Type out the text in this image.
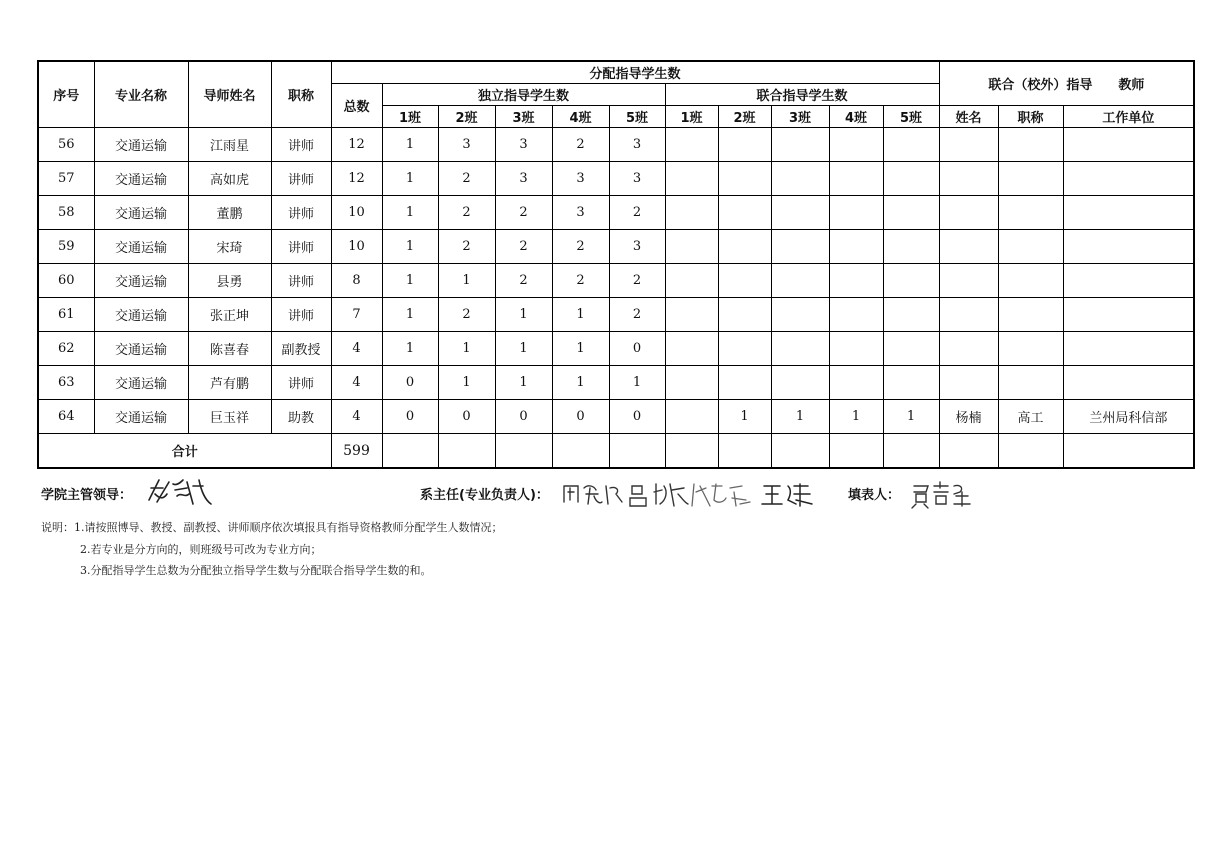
序号	专业名称	导师姓名	职称	分配指导学生数											联合（校外）指导　　教师		
				总数	独立指导学生数					联合指导学生数							
					1班	2班	3班	4班	5班	1班	2班	3班	4班	5班	姓名	职称	工作单位
56	交通运输	江雨星	讲师	12	1	3	3	2	3								
57	交通运输	高如虎	讲师	12	1	2	3	3	3								
58	交通运输	董鹏	讲师	10	1	2	2	3	2								
59	交通运输	宋琦	讲师	10	1	2	2	2	3								
60	交通运输	县勇	讲师	8	1	1	2	2	2								
61	交通运输	张正坤	讲师	7	1	2	1	1	2								
62	交通运输	陈喜春	副教授	4	1	1	1	1	0								
63	交通运输	芦有鹏	讲师	4	0	1	1	1	1								
64	交通运输	巨玉祥	助教	4	0	0	0	0	0		1	1	1	1	杨楠	高工	兰州局科信部
合计				599													
学院主管领导：	系主任(专业负责人)：	填表人：
说明：1.请按照博导、教授、副教授、讲师顺序依次填报具有指导资格教师分配学生人数情况；
2.若专业是分方向的，则班级号可改为专业方向；
3.分配指导学生总数为分配独立指导学生数与分配联合指导学生数的和。
